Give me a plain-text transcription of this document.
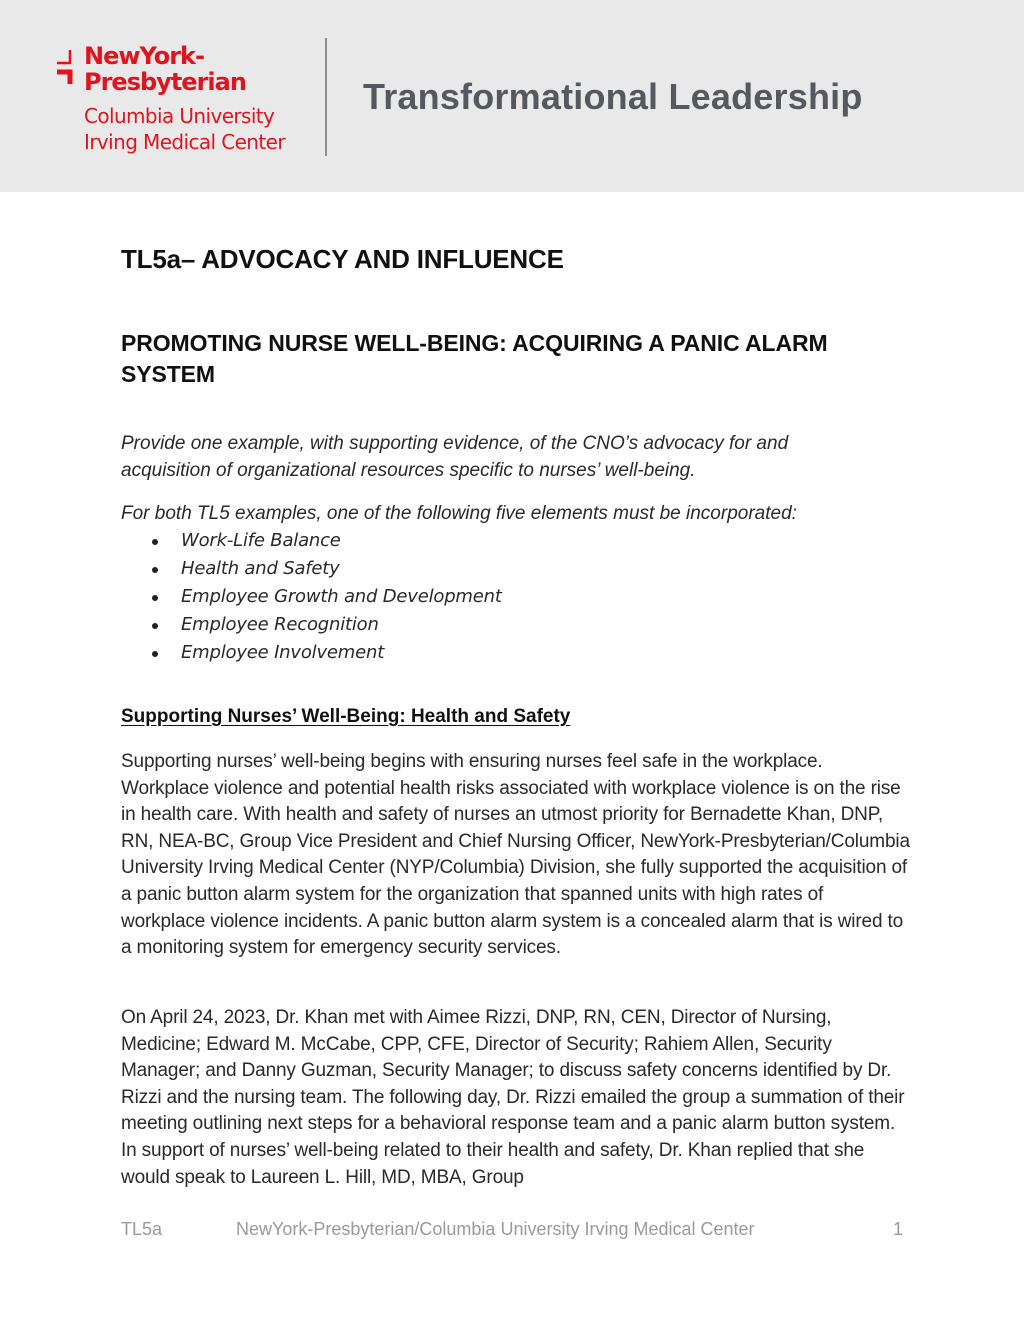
NewYork-
Presbyterian
Columbia University
Irving Medical Center
Transformational Leadership
TL5a– ADVOCACY AND INFLUENCE
PROMOTING NURSE WELL-BEING: ACQUIRING A PANIC ALARM SYSTEM
Provide one example, with supporting evidence, of the CNO’s advocacy for and acquisition of organizational resources specific to nurses’ well-being.
For both TL5 examples, one of the following five elements must be incorporated:
Work-Life Balance
Health and Safety
Employee Growth and Development
Employee Recognition
Employee Involvement
Supporting Nurses’ Well-Being: Health and Safety
Supporting nurses’ well-being begins with ensuring nurses feel safe in the workplace. Workplace violence and potential health risks associated with workplace violence is on the rise in health care. With health and safety of nurses an utmost priority for Bernadette Khan, DNP, RN, NEA-BC, Group Vice President and Chief Nursing Officer, NewYork-Presbyterian/Columbia University Irving Medical Center (NYP/Columbia) Division, she fully supported the acquisition of a panic button alarm system for the organization that spanned units with high rates of workplace violence incidents. A panic button alarm system is a concealed alarm that is wired to a monitoring system for emergency security services.
On April 24, 2023, Dr. Khan met with Aimee Rizzi, DNP, RN, CEN, Director of Nursing, Medicine; Edward M. McCabe, CPP, CFE, Director of Security; Rahiem Allen, Security Manager; and Danny Guzman, Security Manager; to discuss safety concerns identified by Dr. Rizzi and the nursing team. The following day, Dr. Rizzi emailed the group a summation of their meeting outlining next steps for a behavioral response team and a panic alarm button system. In support of nurses’ well-being related to their health and safety, Dr. Khan replied that she would speak to Laureen L. Hill, MD, MBA, Group
TL5a	NewYork-Presbyterian/Columbia University Irving Medical Center	1
